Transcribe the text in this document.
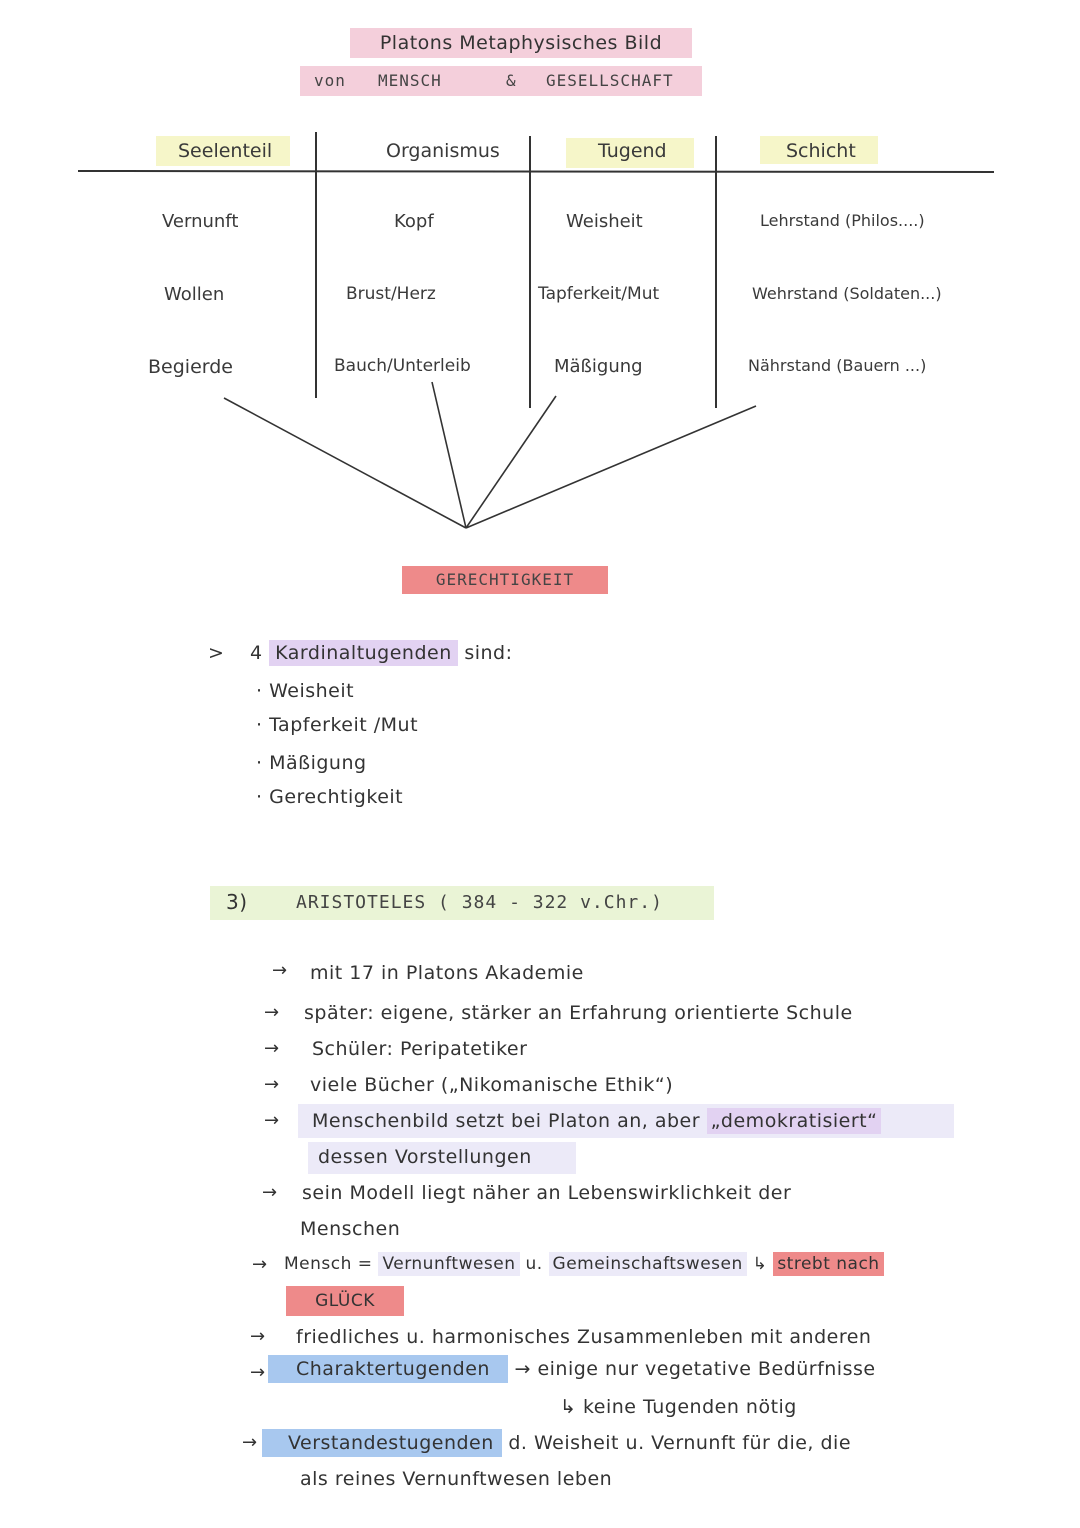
Platons Metaphysisches Bild
von MENSCH	& GESELLSCHAFT
Seelenteil	Organismus	Tugend	Schicht
Vernunft	Kopf	Weisheit	Lehrstand (Philos....)
Wollen	Brust/Herz	Tapferkeit/Mut	Wehrstand (Soldaten...)
Begierde	Bauch/Unterleib	Mäßigung	Nährstand (Bauern ...)
GERECHTIGKEIT
> 4 Kardinaltugenden sind:
· Weisheit
· Tapferkeit /Mut
· Mäßigung
· Gerechtigkeit
3)	ARISTOTELES ( 384 - 322 v.Chr.)
→ mit 17 in Platons Akademie
→ später: eigene, stärker an Erfahrung orientierte Schule
→ Schüler: Peripatetiker
→ viele Bücher („Nikomanische Ethik“)
→ Menschenbild setzt bei Platon an, aber „demokratisiert“
dessen Vorstellungen
→ sein Modell liegt näher an Lebenswirklichkeit der
Menschen
→ Mensch = Vernunftwesen u. Gemeinschaftswesen ↳ strebt nach
GLÜCK
→ friedliches u. harmonisches Zusammenleben mit anderen
→	Charaktertugenden → einige nur vegetative Bedürfnisse
↳ keine Tugenden nötig
→	Verstandestugenden d. Weisheit u. Vernunft für die, die
als reines Vernunftwesen leben
